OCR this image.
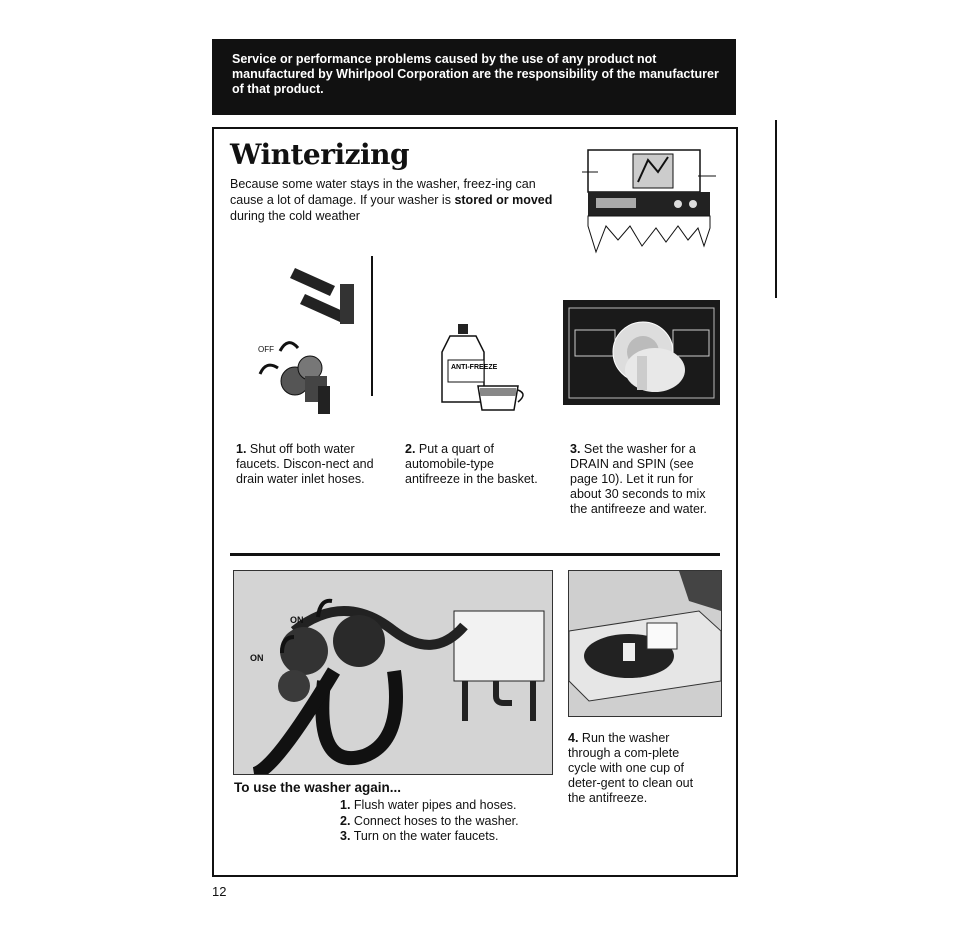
Service or performance problems caused by the use of any product not manufactured by Whirlpool Corporation are the responsibility of the manufacturer of that product.
Winterizing
Because some water stays in the washer, freez-ing can cause a lot of damage. If your washer is stored or moved during the cold weather
OFF
ANTI-FREEZE
1. Shut off both water faucets. Discon-nect and drain water inlet hoses.
2. Put a quart of automobile-type antifreeze in the basket.
3. Set the washer for a DRAIN and SPIN (see page 10). Let it run for about 30 seconds to mix the antifreeze and water.
ON
ON
4. Run the washer through a com-plete cycle with one cup of deter-gent to clean out the antifreeze.
To use the washer again...
1. Flush water pipes and hoses.
2. Connect hoses to the washer.
3. Turn on the water faucets.
12
